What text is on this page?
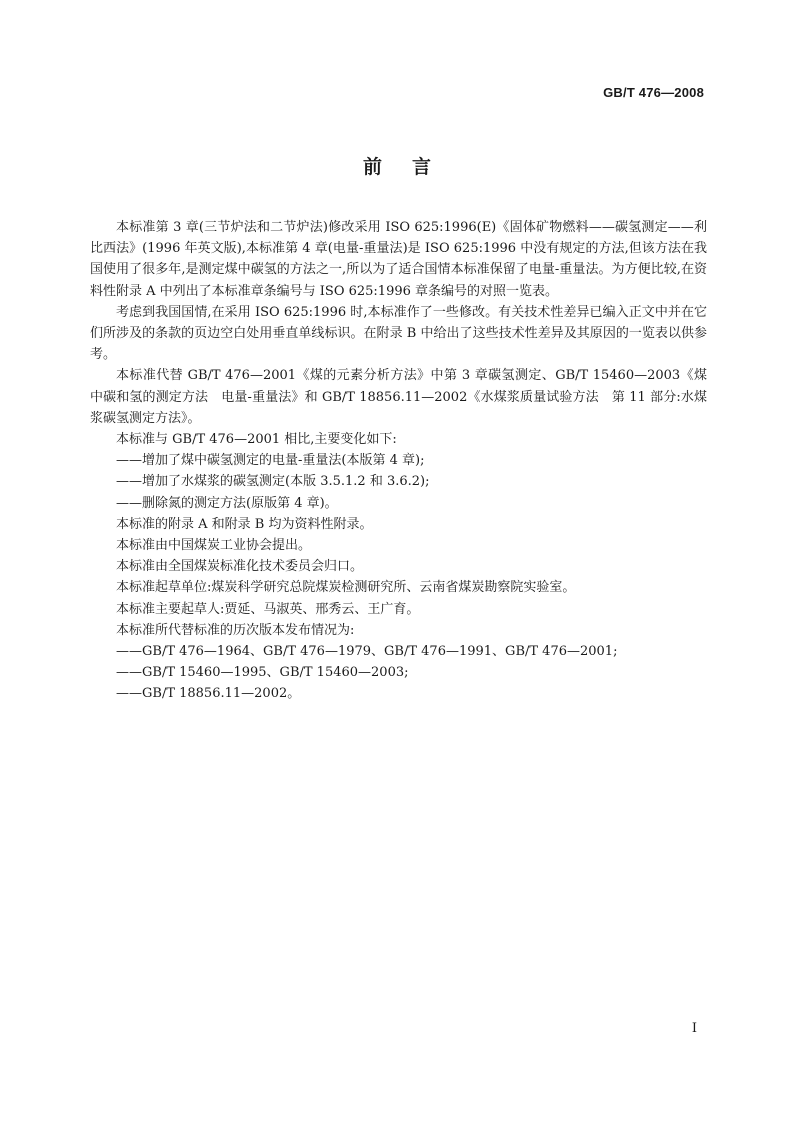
GB/T 476—2008
前言

本标准第 3 章(三节炉法和二节炉法)修改采用 ISO 625:1996(E)《固体矿物燃料——碳氢测定——利比西法》(1996 年英文版),本标准第 4 章(电量-重量法)是 ISO 625:1996 中没有规定的方法,但该方法在我国使用了很多年,是测定煤中碳氢的方法之一,所以为了适合国情本标准保留了电量-重量法。为方便比较,在资料性附录 A 中列出了本标准章条编号与 ISO 625:1996 章条编号的对照一览表。

考虑到我国国情,在采用 ISO 625:1996 时,本标准作了一些修改。有关技术性差异已编入正文中并在它们所涉及的条款的页边空白处用垂直单线标识。在附录 B 中给出了这些技术性差异及其原因的一览表以供参考。

本标准代替 GB/T 476—2001《煤的元素分析方法》中第 3 章碳氢测定、GB/T 15460—2003《煤中碳和氢的测定方法　电量-重量法》和 GB/T 18856.11—2002《水煤浆质量试验方法　第 11 部分:水煤浆碳氢测定方法》。

本标准与 GB/T 476—2001 相比,主要变化如下:

——增加了煤中碳氢测定的电量-重量法(本版第 4 章);

——增加了水煤浆的碳氢测定(本版 3.5.1.2 和 3.6.2);

——删除氮的测定方法(原版第 4 章)。

本标准的附录 A 和附录 B 均为资料性附录。

本标准由中国煤炭工业协会提出。

本标准由全国煤炭标准化技术委员会归口。

本标准起草单位:煤炭科学研究总院煤炭检测研究所、云南省煤炭勘察院实验室。

本标准主要起草人:贾延、马淑英、邢秀云、王广育。

本标准所代替标准的历次版本发布情况为:

——GB/T 476—1964、GB/T 476—1979、GB/T 476—1991、GB/T 476—2001;

——GB/T 15460—1995、GB/T 15460—2003;

——GB/T 18856.11—2002。

I
